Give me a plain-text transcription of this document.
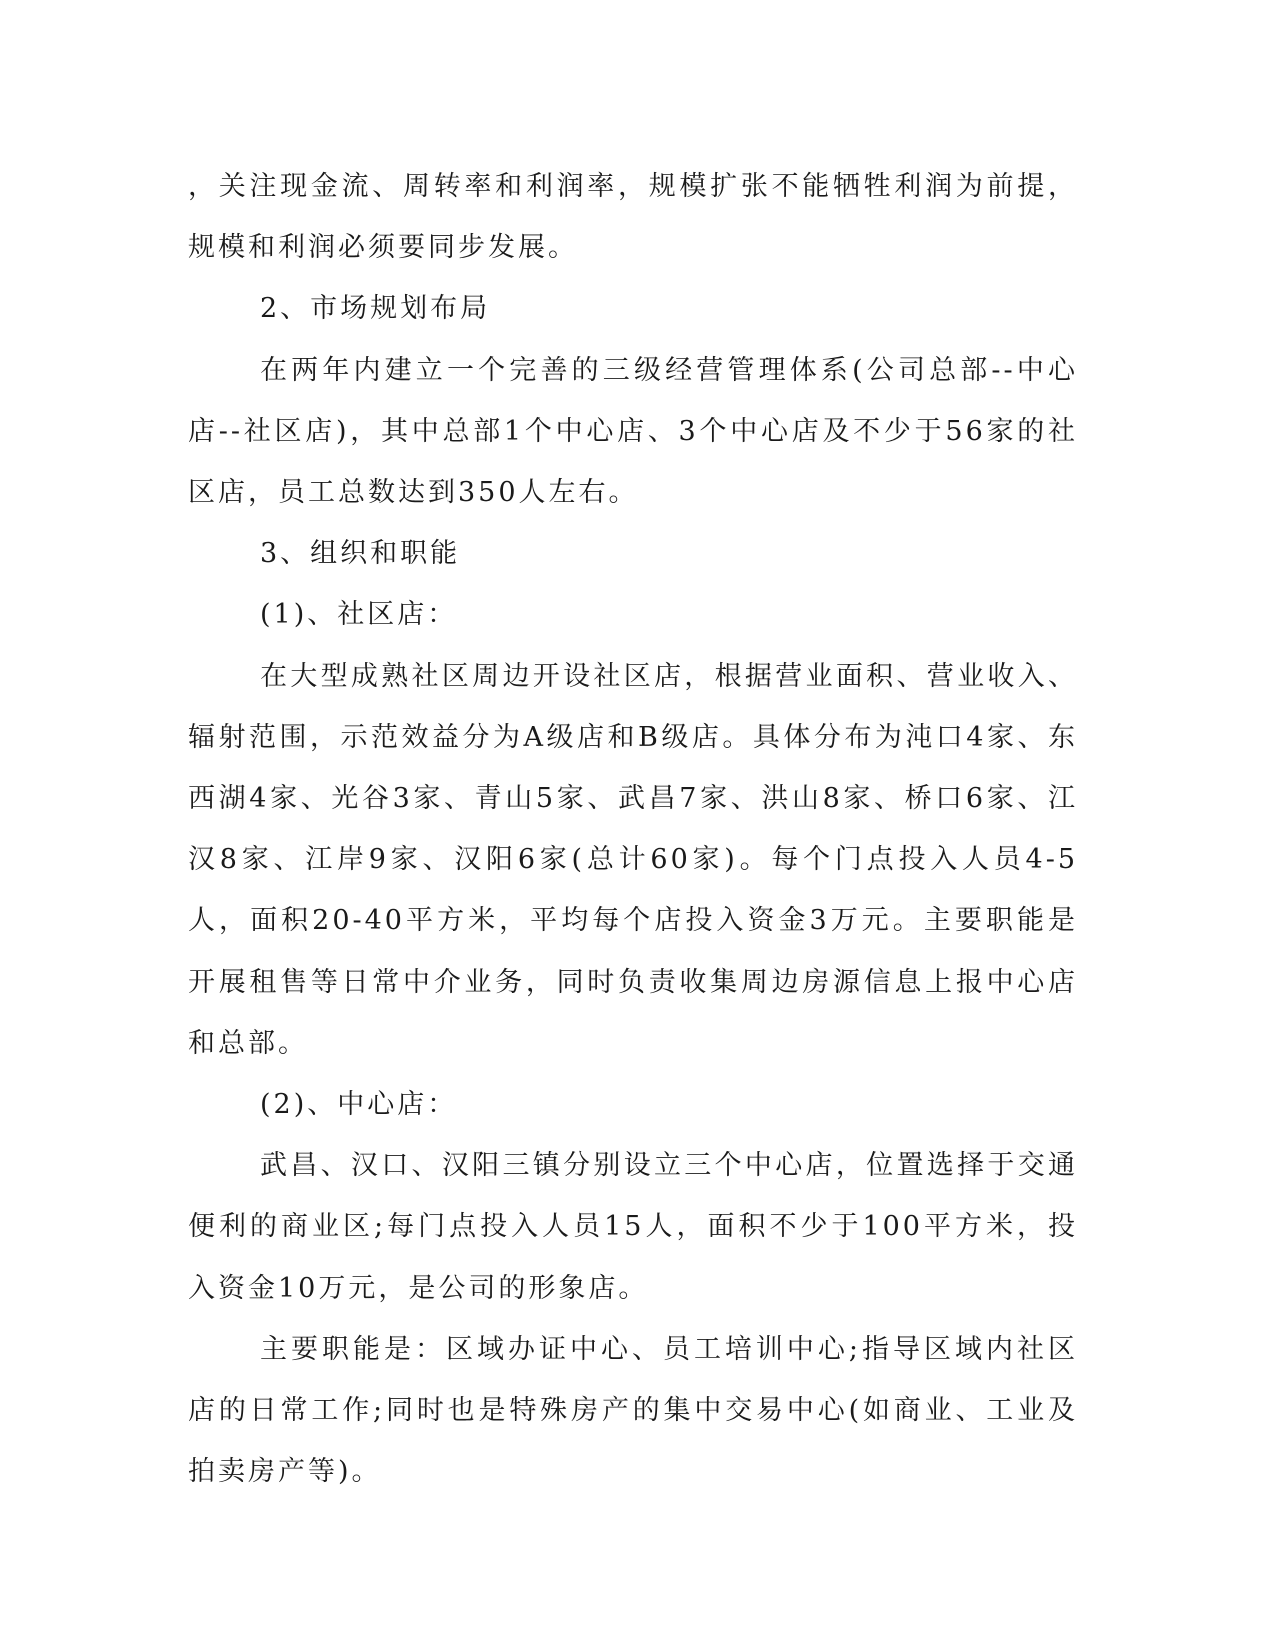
，关注现金流、周转率和利润率，规模扩张不能牺牲利润为前提，规模和利润必须要同步发展。

2、市场规划布局

在两年内建立一个完善的三级经营管理体系(公司总部--中心店--社区店)，其中总部1个中心店、3个中心店及不少于56家的社区店，员工总数达到350人左右。

3、组织和职能

(1)、社区店：

在大型成熟社区周边开设社区店，根据营业面积、营业收入、辐射范围，示范效益分为A级店和B级店。具体分布为沌口4家、东西湖4家、光谷3家、青山5家、武昌7家、洪山8家、桥口6家、江汉8家、江岸9家、汉阳6家(总计60家)。每个门点投入人员4-5人，面积20-40平方米，平均每个店投入资金3万元。主要职能是开展租售等日常中介业务，同时负责收集周边房源信息上报中心店和总部。

(2)、中心店：

武昌、汉口、汉阳三镇分别设立三个中心店，位置选择于交通便利的商业区;每门点投入人员15人，面积不少于100平方米，投入资金10万元，是公司的形象店。

主要职能是：区域办证中心、员工培训中心;指导区域内社区店的日常工作;同时也是特殊房产的集中交易中心(如商业、工业及拍卖房产等)。
